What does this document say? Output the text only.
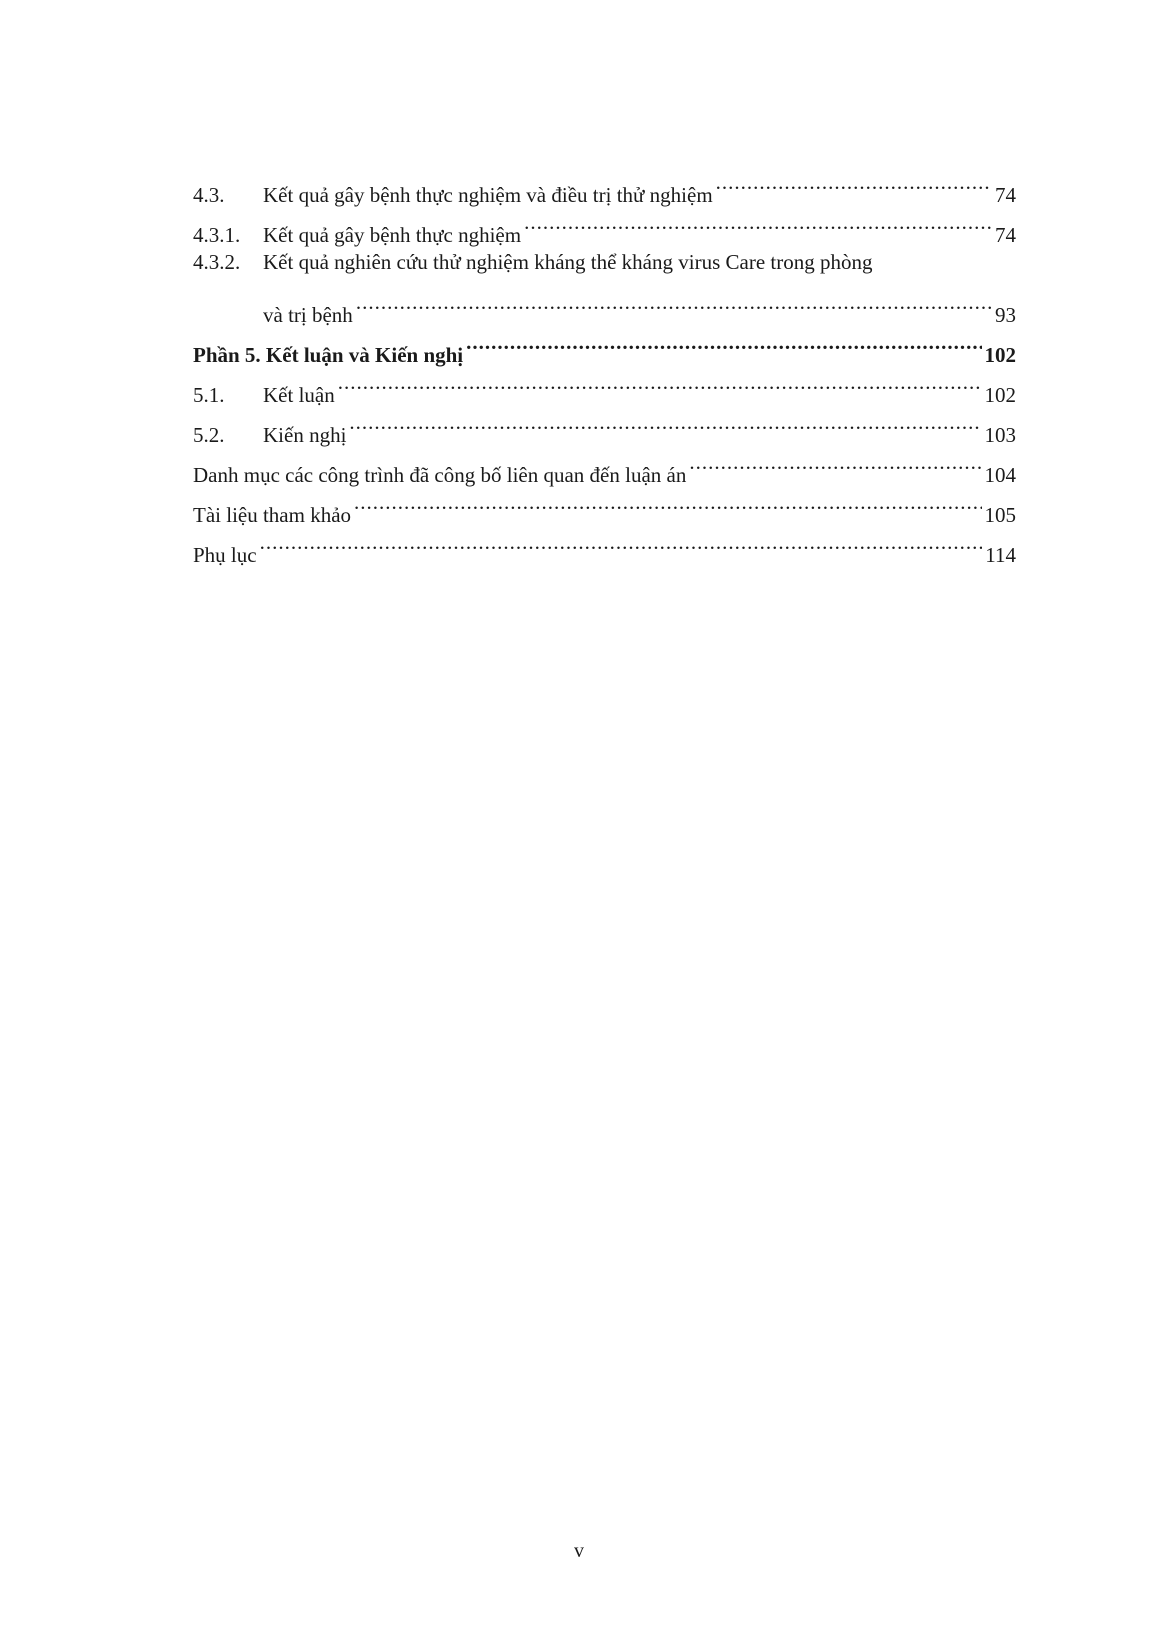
4.3.	Kết quả gây bệnh thực nghiệm và điều trị thử nghiệm .....	74
4.3.1.	Kết quả gây bệnh thực nghiệm .....	74
4.3.2.	Kết quả nghiên cứu thử nghiệm kháng thể kháng virus Care trong phòng
và trị bệnh .....	93
Phần 5. Kết luận và Kiến nghị .....	102
5.1.	Kết luận .....	102
5.2.	Kiến nghị .....	103
Danh mục các công trình đã công bố liên quan đến luận án .....	104
Tài liệu tham khảo .....	105
Phụ lục .....	114
v
